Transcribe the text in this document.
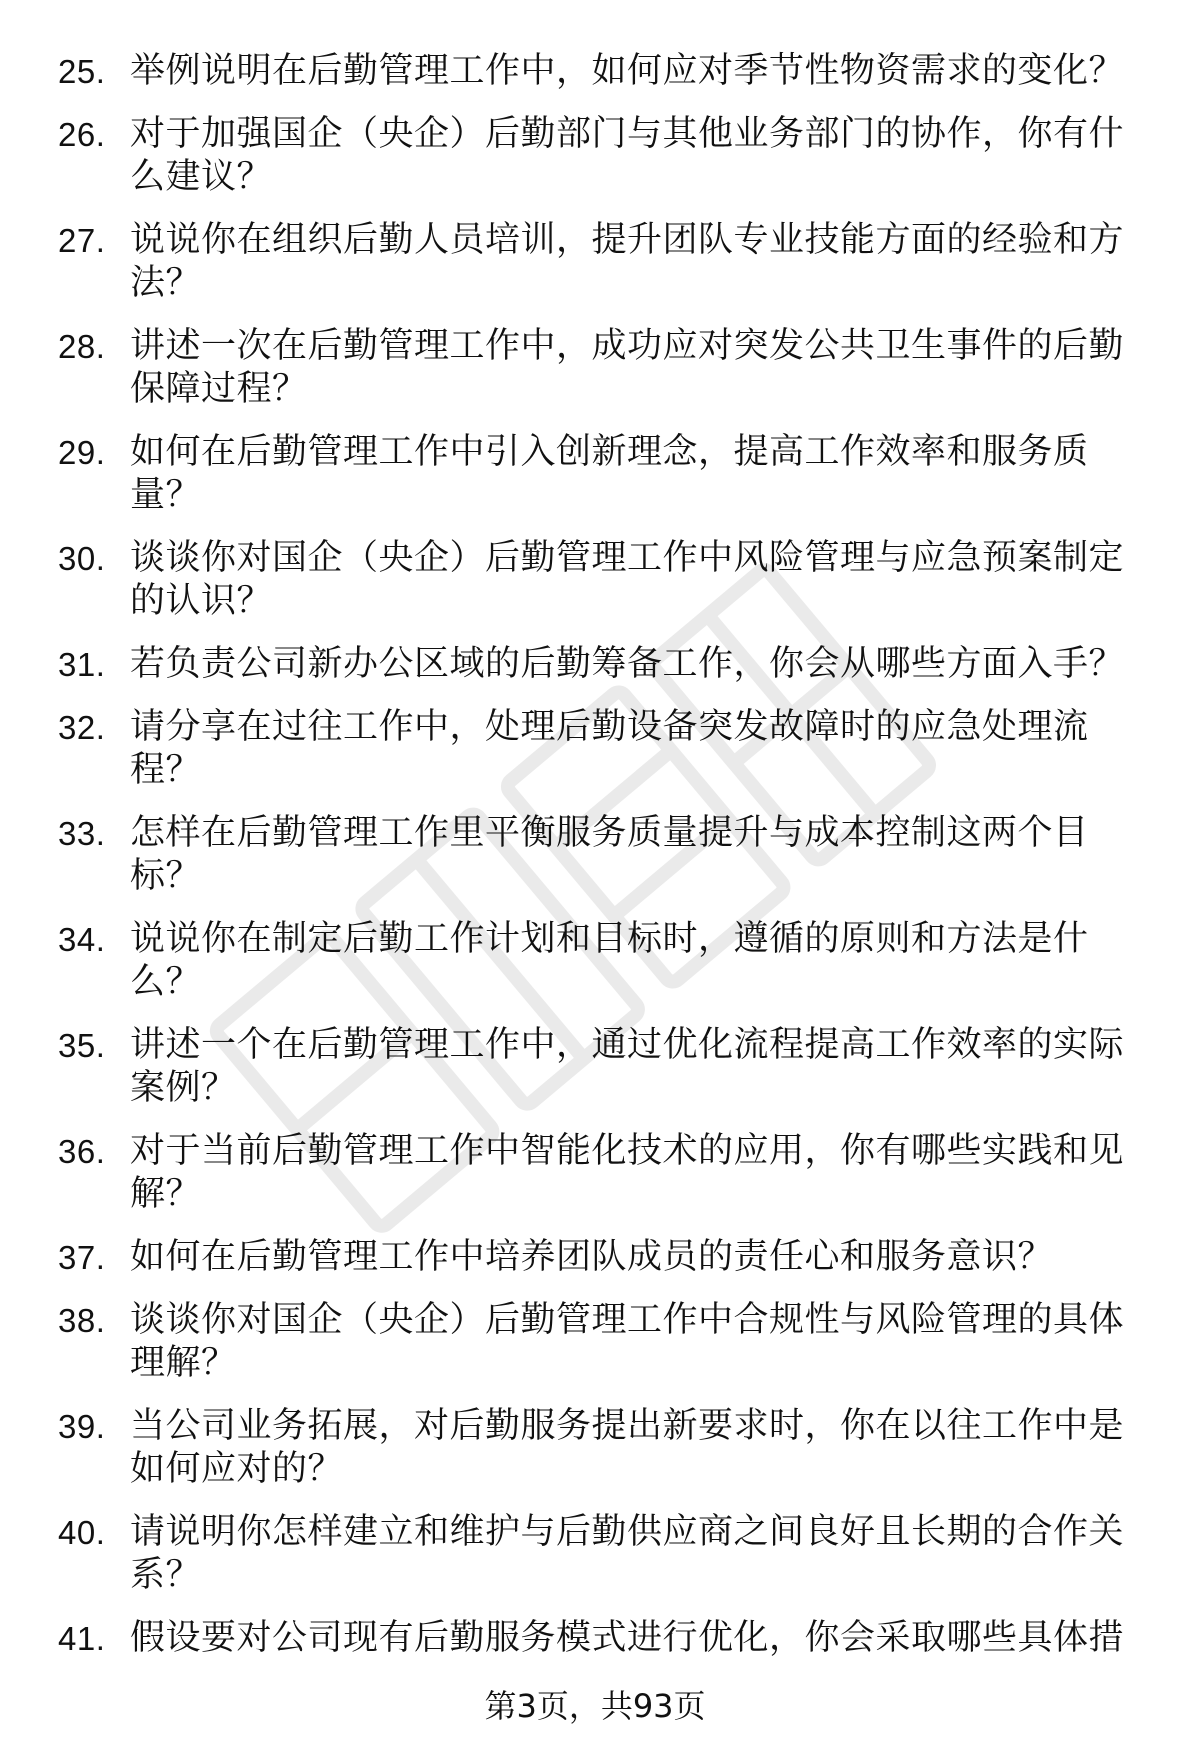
25. 举例说明在后勤管理工作中，如何应对季节性物资需求的变化？
26. 对于加强国企（央企）后勤部门与其他业务部门的协作，你有什么建议？
27. 说说你在组织后勤人员培训，提升团队专业技能方面的经验和方法？
28. 讲述一次在后勤管理工作中，成功应对突发公共卫生事件的后勤保障过程？
29. 如何在后勤管理工作中引入创新理念，提高工作效率和服务质量？
30. 谈谈你对国企（央企）后勤管理工作中风险管理与应急预案制定的认识？
31. 若负责公司新办公区域的后勤筹备工作，你会从哪些方面入手？
32. 请分享在过往工作中，处理后勤设备突发故障时的应急处理流程？
33. 怎样在后勤管理工作里平衡服务质量提升与成本控制这两个目标？
34. 说说你在制定后勤工作计划和目标时，遵循的原则和方法是什么？
35. 讲述一个在后勤管理工作中，通过优化流程提高工作效率的实际案例？
36. 对于当前后勤管理工作中智能化技术的应用，你有哪些实践和见解？
37. 如何在后勤管理工作中培养团队成员的责任心和服务意识？
38. 谈谈你对国企（央企）后勤管理工作中合规性与风险管理的具体理解？
39. 当公司业务拓展，对后勤服务提出新要求时，你在以往工作中是如何应对的？
40. 请说明你怎样建立和维护与后勤供应商之间良好且长期的合作关系？
41. 假设要对公司现有后勤服务模式进行优化，你会采取哪些具体措
第3页，共93页
